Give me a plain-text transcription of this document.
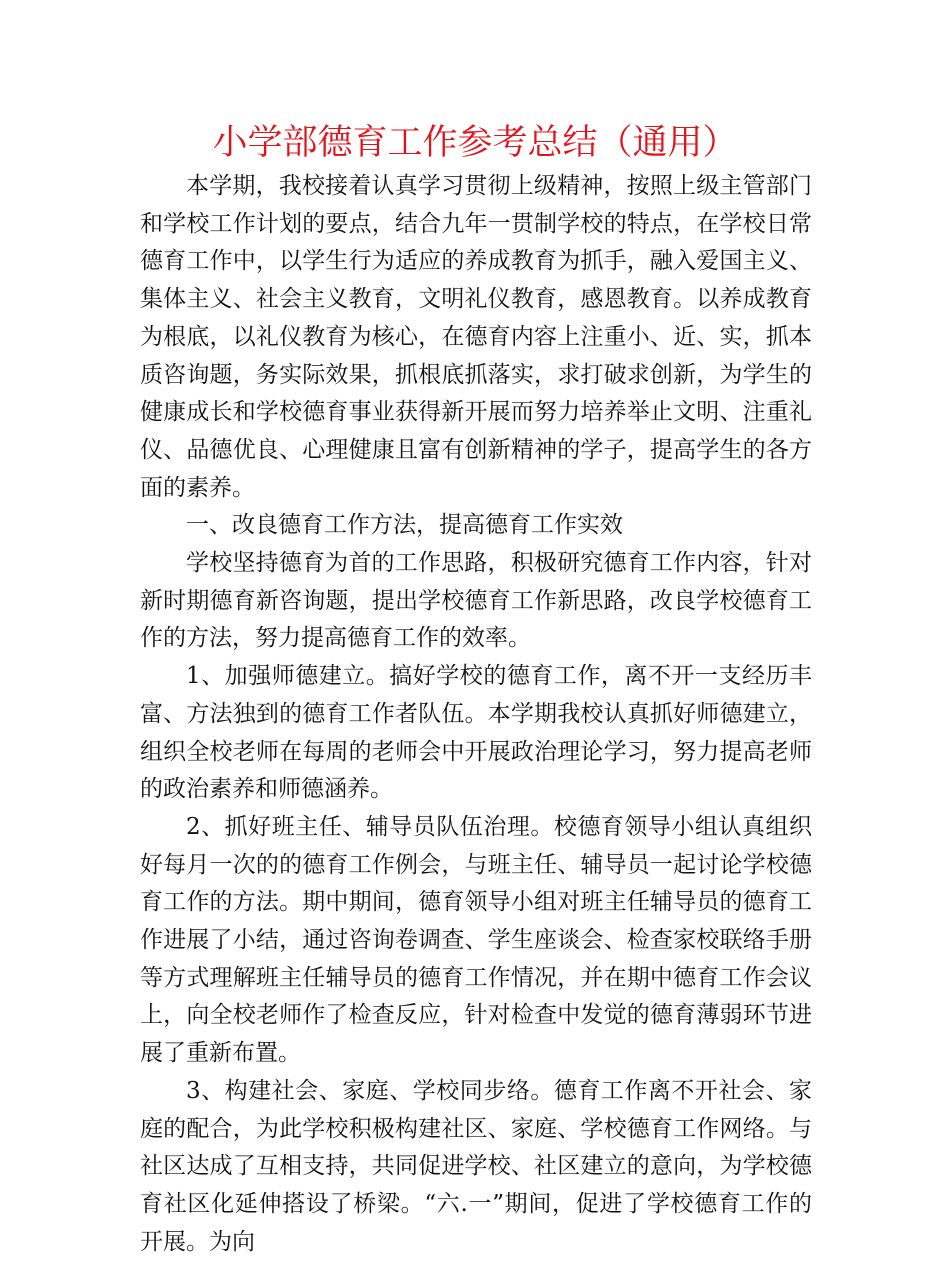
小学部德育工作参考总结（通用）

本学期，我校接着认真学习贯彻上级精神，按照上级主管部门和学校工作计划的要点，结合九年一贯制学校的特点，在学校日常德育工作中，以学生行为适应的养成教育为抓手，融入爱国主义、集体主义、社会主义教育，文明礼仪教育，感恩教育。以养成教育为根底，以礼仪教育为核心，在德育内容上注重小、近、实，抓本质咨询题，务实际效果，抓根底抓落实，求打破求创新，为学生的健康成长和学校德育事业获得新开展而努力培养举止文明、注重礼仪、品德优良、心理健康且富有创新精神的学子，提高学生的各方面的素养。

一、改良德育工作方法，提高德育工作实效

学校坚持德育为首的工作思路，积极研究德育工作内容，针对新时期德育新咨询题，提出学校德育工作新思路，改良学校德育工作的方法，努力提高德育工作的效率。

1、加强师德建立。搞好学校的德育工作，离不开一支经历丰富、方法独到的德育工作者队伍。本学期我校认真抓好师德建立，组织全校老师在每周的老师会中开展政治理论学习，努力提高老师的政治素养和师德涵养。

2、抓好班主任、辅导员队伍治理。校德育领导小组认真组织好每月一次的的德育工作例会，与班主任、辅导员一起讨论学校德育工作的方法。期中期间，德育领导小组对班主任辅导员的德育工作进展了小结，通过咨询卷调查、学生座谈会、检查家校联络手册等方式理解班主任辅导员的德育工作情况，并在期中德育工作会议上，向全校老师作了检查反应，针对检查中发觉的德育薄弱环节进展了重新布置。

3、构建社会、家庭、学校同步络。德育工作离不开社会、家庭的配合，为此学校积极构建社区、家庭、学校德育工作网络。与社区达成了互相支持，共同促进学校、社区建立的意向，为学校德育社区化延伸搭设了桥梁。“六.一”期间，促进了学校德育工作的开展。为向
